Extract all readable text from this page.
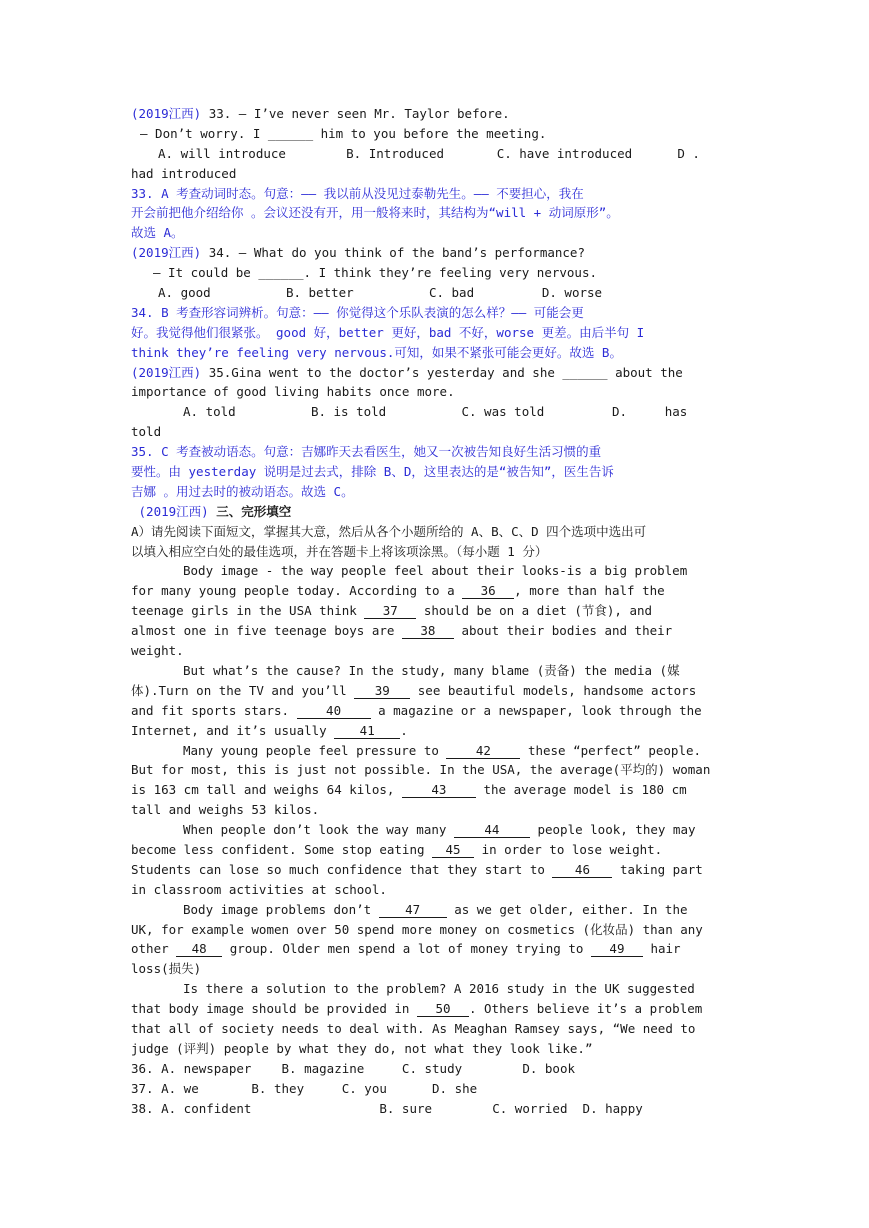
(2019江西) 33. — I’ve never seen Mr. Taylor before.
— Don’t worry. I ______ him to you before the meeting.
A. will introduce	B. Introduced	C. have introduced	D .
had introduced
33. A 考查动词时态。句意：—— 我以前从没见过泰勒先生。—— 不要担心，我在
开会前把他介绍给你 。会议还没有开，用一般将来时，其结构为“will + 动词原形”。
故选 A。
(2019江西) 34. — What do you think of the band’s performance?
— It could be ______. I think they’re feeling very nervous.
A. good	B. better	C. bad	D. worse
34. B 考查形容词辨析。句意：—— 你觉得这个乐队表演的怎么样？—— 可能会更
好。我觉得他们很紧张。 good 好，better 更好，bad 不好，worse 更差。由后半句 I
think they’re feeling very nervous.可知，如果不紧张可能会更好。故选 B。
(2019江西) 35.Gina went to the doctor’s yesterday and she ______ about the
importance of good living habits once more.
A. told	B. is told	C. was told	D.     has
told
35. C 考查被动语态。句意：吉娜昨天去看医生，她又一次被告知良好生活习惯的重
要性。由 yesterday 说明是过去式，排除 B、D，这里表达的是“被告知”，医生告诉
吉娜 。用过去时的被动语态。故选 C。
(2019江西) 三、完形填空
A）请先阅读下面短文，掌握其大意，然后从各个小题所给的 A、B、C、D 四个选项中选出可
以填入相应空白处的最佳选项，并在答题卡上将该项涂黑。（每小题 1 分）
Body image - the way people feel about their looks-is a big problem
for many young people today. According to a 36 , more than half the
teenage girls in the USA think 37 should be on a diet (节食), and
almost one in five teenage boys are 38 about their bodies and their
weight.
But what’s the cause? In the study, many blame (责备) the media (媒
体).Turn on the TV and you’ll 39 see beautiful models, handsome actors
and fit sports stars.	40	a magazine or a newspaper, look through the
Internet, and it’s usually	41 .
Many young people feel pressure to	42	these “perfect” people.
But for most, this is just not possible. In the USA, the average(平均的) woman
is 163 cm tall and weighs 64 kilos,	43	the average model is 180 cm
tall and weighs 53 kilos.
When people don’t look the way many	44	people look, they may
become less confident. Some stop eating 45 in order to lose weight.
Students can lose so much confidence that they start to 46 taking part
in classroom activities at school.
Body image problems don’t	47	as we get older, either. In the
UK, for example women over 50 spend more money on cosmetics (化妆品) than any
other 48 group. Older men spend a lot of money trying to 49 hair
loss(损失)
Is there a solution to the problem? A 2016 study in the UK suggested
that body image should be provided in 50 . Others believe it’s a problem
that all of society needs to deal with. As Meaghan Ramsey says, “We need to
judge (评判) people by what they do, not what they look like.”
36. A. newspaper    B. magazine     C. study        D. book
37. A. we       B. they     C. you      D. she
38. A. confident                 B. sure        C. worried  D. happy
